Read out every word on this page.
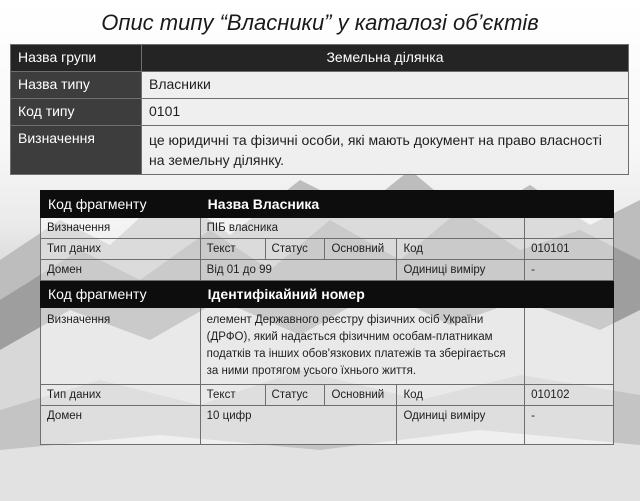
Опис типу “Власники” у каталозі об’єктів
Назва групи	Земельна ділянка
Назва типу	Власники
Код типу	0101
Визначення	це юридичні та фізичні особи, які мають документ на право власності на земельну ділянку.
Код фрагменту	Назва Власника				
Визначення	ПІБ власника				
Тип даних	Текст	Статус	Основний	Код	010101
Домен	Від 01 до 99			Одиниці виміру	-
Код фрагменту	Ідентифікайний номер				
Визначення	елемент Державного реєстру фізичних осіб України (ДРФО), який надається фізичним особам-платникам податків та інших обов'язкових платежів та зберігається за ними протягом усього їхнього життя.				
Тип даних	Текст	Статус	Основний	Код	010102
Домен	10 цифр			Одиниці виміру	-
